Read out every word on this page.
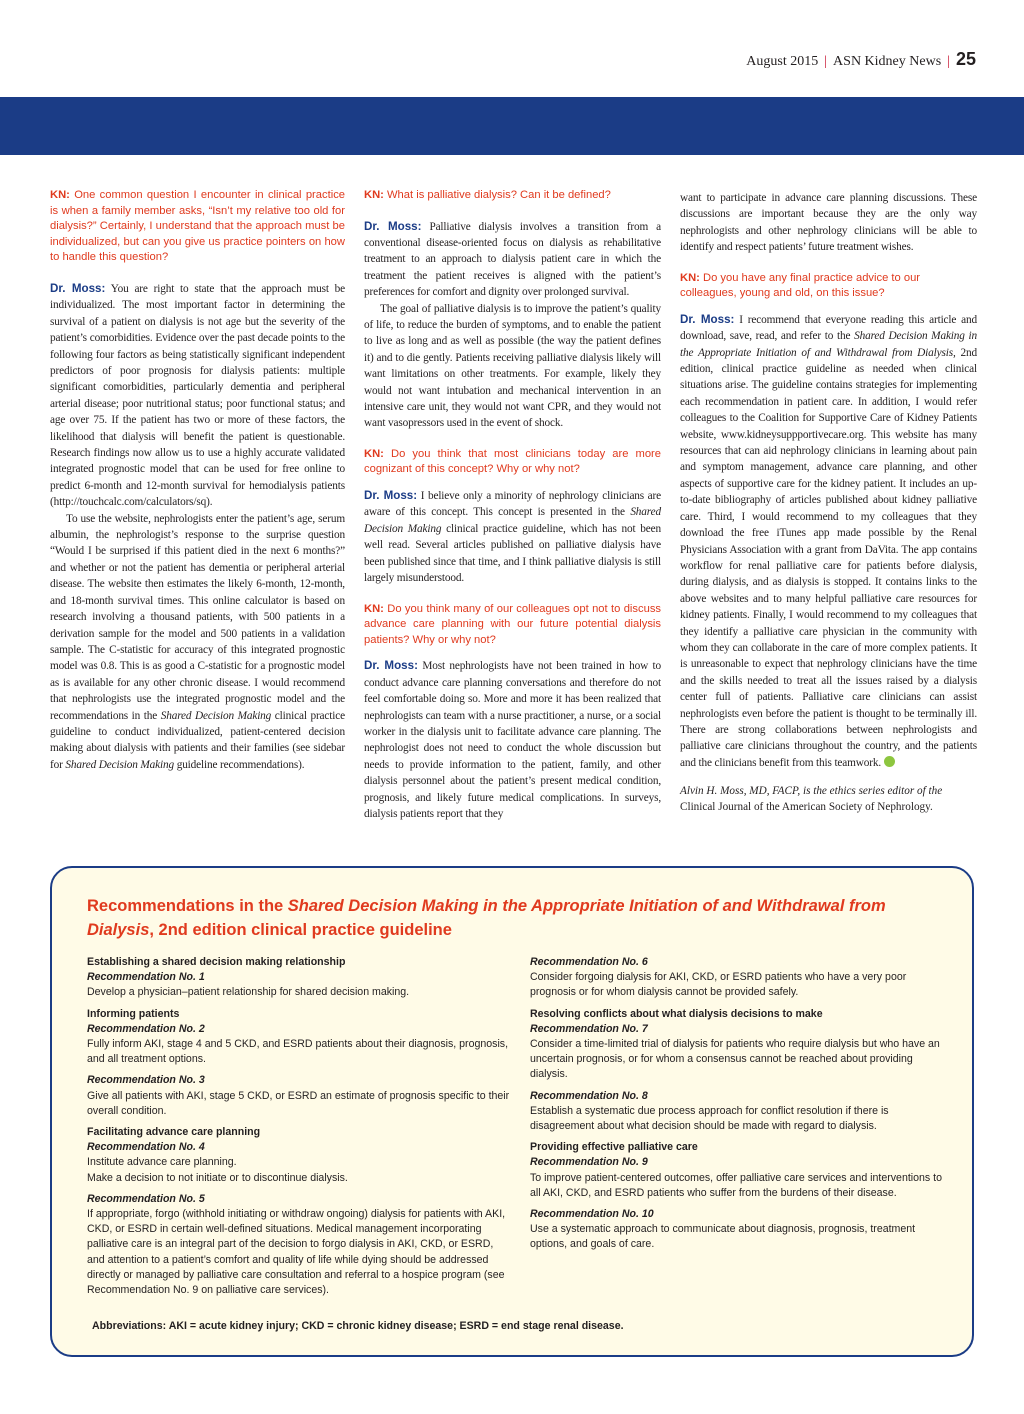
August 2015 | ASN Kidney News | 25

KN: One common question I encounter in clinical practice is when a family member asks, “Isn’t my relative too old for dialysis?” Certainly, I understand that the approach must be individualized, but can you give us practice pointers on how to handle this question?

Dr. Moss: You are right to state that the approach must be individualized. The most important factor in determining the survival of a patient on dialysis is not age but the severity of the patient’s comorbidities. Evidence over the past decade points to the following four factors as being statistically significant independent predictors of poor prognosis for dialysis patients: multiple significant comorbidities, particularly dementia and peripheral arterial disease; poor nutritional status; poor functional status; and age over 75. If the patient has two or more of these factors, the likelihood that dialysis will benefit the patient is questionable. Research findings now allow us to use a highly accurate validated integrated prognostic model that can be used for free online to predict 6-month and 12-month survival for hemodialysis patients (http://touchcalc.com/calculators/sq).

To use the website, nephrologists enter the patient’s age, serum albumin, the nephrologist’s response to the surprise question “Would I be surprised if this patient died in the next 6 months?” and whether or not the patient has dementia or peripheral arterial disease. The website then estimates the likely 6-month, 12-month, and 18-month survival times. This online calculator is based on research involving a thousand patients, with 500 patients in a derivation sample for the model and 500 patients in a validation sample. The C-statistic for accuracy of this integrated prognostic model was 0.8. This is as good a C-statistic for a prognostic model as is available for any other chronic disease. I would recommend that nephrologists use the integrated prognostic model and the recommendations in the Shared Decision Making clinical practice guideline to conduct individualized, patient-centered decision making about dialysis with patients and their families (see sidebar for Shared Decision Making guideline recommendations).

KN: What is palliative dialysis? Can it be defined?

Dr. Moss: Palliative dialysis involves a transition from a conventional disease-oriented focus on dialysis as rehabilitative treatment to an approach to dialysis patient care in which the treatment the patient receives is aligned with the patient’s preferences for comfort and dignity over prolonged survival.

The goal of palliative dialysis is to improve the patient’s quality of life, to reduce the burden of symptoms, and to enable the patient to live as long and as well as possible (the way the patient defines it) and to die gently. Patients receiving palliative dialysis likely will want limitations on other treatments. For example, likely they would not want intubation and mechanical intervention in an intensive care unit, they would not want CPR, and they would not want vasopressors used in the event of shock.

KN: Do you think that most clinicians today are more cognizant of this concept? Why or why not?

Dr. Moss: I believe only a minority of nephrology clinicians are aware of this concept. This concept is presented in the Shared Decision Making clinical practice guideline, which has not been well read. Several articles published on palliative dialysis have been published since that time, and I think palliative dialysis is still largely misunderstood.

KN: Do you think many of our colleagues opt not to discuss advance care planning with our future potential dialysis patients? Why or why not?

Dr. Moss: Most nephrologists have not been trained in how to conduct advance care planning conversations and therefore do not feel comfortable doing so. More and more it has been realized that nephrologists can team with a nurse practitioner, a nurse, or a social worker in the dialysis unit to facilitate advance care planning. The nephrologist does not need to conduct the whole discussion but needs to provide information to the patient, family, and other dialysis personnel about the patient’s present medical condition, prognosis, and likely future medical complications. In surveys, dialysis patients report that they

want to participate in advance care planning discussions. These discussions are important because they are the only way nephrologists and other nephrology clinicians will be able to identify and respect patients’ future treatment wishes.

KN: Do you have any final practice advice to our colleagues, young and old, on this issue?

Dr. Moss: I recommend that everyone reading this article and download, save, read, and refer to the Shared Decision Making in the Appropriate Initiation of and Withdrawal from Dialysis, 2nd edition, clinical practice guideline as needed when clinical situations arise. The guideline contains strategies for implementing each recommendation in patient care. In addition, I would refer colleagues to the Coalition for Supportive Care of Kidney Patients website, www.kidneysuppportivecare.org. This website has many resources that can aid nephrology clinicians in learning about pain and symptom management, advance care planning, and other aspects of supportive care for the kidney patient. It includes an up-to-date bibliography of articles published about kidney palliative care. Third, I would recommend to my colleagues that they download the free iTunes app made possible by the Renal Physicians Association with a grant from DaVita. The app contains workflow for renal palliative care for patients before dialysis, during dialysis, and as dialysis is stopped. It contains links to the above websites and to many helpful palliative care resources for kidney patients. Finally, I would recommend to my colleagues that they identify a palliative care physician in the community with whom they can collaborate in the care of more complex patients. It is unreasonable to expect that nephrology clinicians have the time and the skills needed to treat all the issues raised by a dialysis center full of patients. Palliative care clinicians can assist nephrologists even before the patient is thought to be terminally ill. There are strong collaborations between nephrologists and palliative care clinicians throughout the country, and the patients and the clinicians benefit from this teamwork.

Alvin H. Moss, MD, FACP, is the ethics series editor of the Clinical Journal of the American Society of Nephrology.

Recommendations in the Shared Decision Making in the Appropriate Initiation of and Withdrawal from Dialysis, 2nd edition clinical practice guideline
Establishing a shared decision making relationship
Recommendation No. 1
Develop a physician–patient relationship for shared decision making.
Informing patients
Recommendation No. 2
Fully inform AKI, stage 4 and 5 CKD, and ESRD patients about their diagnosis, prognosis, and all treatment options.
Recommendation No. 3
Give all patients with AKI, stage 5 CKD, or ESRD an estimate of prognosis specific to their overall condition.
Facilitating advance care planning
Recommendation No. 4
Institute advance care planning.
Make a decision to not initiate or to discontinue dialysis.
Recommendation No. 5
If appropriate, forgo (withhold initiating or withdraw ongoing) dialysis for patients with AKI, CKD, or ESRD in certain well-defined situations. Medical management incorporating palliative care is an integral part of the decision to forgo dialysis in AKI, CKD, or ESRD, and attention to a patient’s comfort and quality of life while dying should be addressed directly or managed by palliative care consultation and referral to a hospice program (see Recommendation No. 9 on palliative care services).
Recommendation No. 6
Consider forgoing dialysis for AKI, CKD, or ESRD patients who have a very poor prognosis or for whom dialysis cannot be provided safely.
Resolving conflicts about what dialysis decisions to make
Recommendation No. 7
Consider a time-limited trial of dialysis for patients who require dialysis but who have an uncertain prognosis, or for whom a consensus cannot be reached about providing dialysis.
Recommendation No. 8
Establish a systematic due process approach for conflict resolution if there is disagreement about what decision should be made with regard to dialysis.
Providing effective palliative care
Recommendation No. 9
To improve patient-centered outcomes, offer palliative care services and interventions to all AKI, CKD, and ESRD patients who suffer from the burdens of their disease.
Recommendation No. 10
Use a systematic approach to communicate about diagnosis, prognosis, treatment options, and goals of care.
Abbreviations: AKI = acute kidney injury; CKD = chronic kidney disease; ESRD = end stage renal disease.
